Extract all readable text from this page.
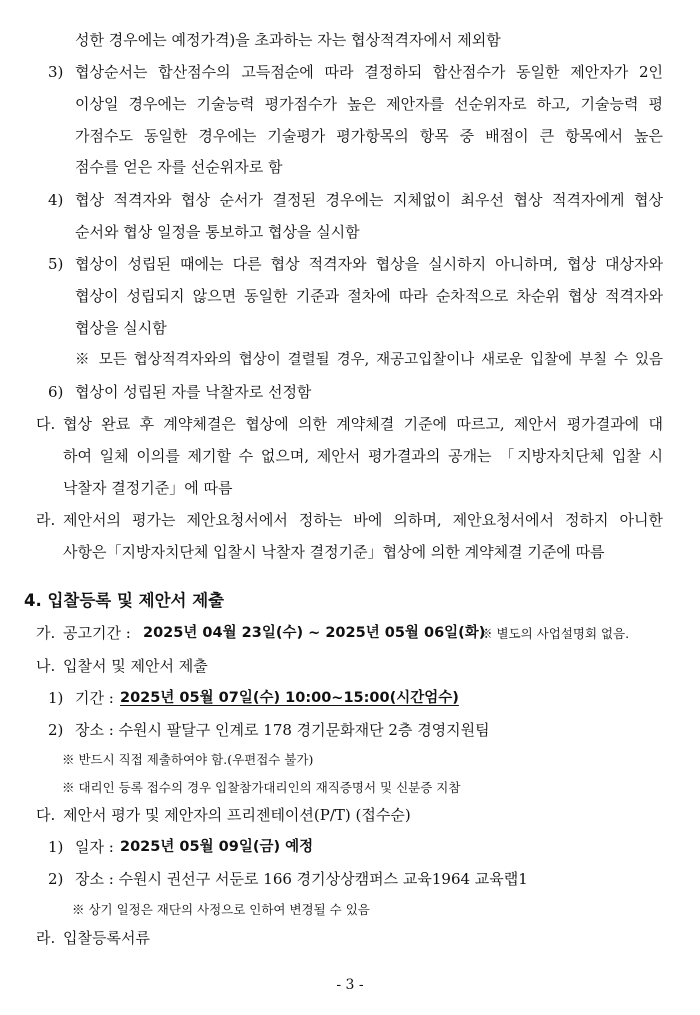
성한 경우에는 예정가격)을 초과하는 자는 협상적격자에서 제외함
3) 협상순서는 합산점수의 고득점순에 따라 결정하되 합산점수가 동일한 제안자가 2인
이상일 경우에는 기술능력 평가점수가 높은 제안자를 선순위자로 하고, 기술능력 평
가점수도 동일한 경우에는 기술평가 평가항목의 항목 중 배점이 큰 항목에서 높은
점수를 얻은 자를 선순위자로 함
4) 협상 적격자와 협상 순서가 결정된 경우에는 지체없이 최우선 협상 적격자에게 협상
순서와 협상 일정을 통보하고 협상을 실시함
5) 협상이 성립된 때에는 다른 협상 적격자와 협상을 실시하지 아니하며, 협상 대상자와
협상이 성립되지 않으면 동일한 기준과 절차에 따라 순차적으로 차순위 협상 적격자와
협상을 실시함
※ 모든 협상적격자와의 협상이 결렬될 경우, 재공고입찰이나 새로운 입찰에 부칠 수 있음
6) 협상이 성립된 자를 낙찰자로 선정함
다. 협상 완료 후 계약체결은 협상에 의한 계약체결 기준에 따르고, 제안서 평가결과에 대
하여 일체 이의를 제기할 수 없으며, 제안서 평가결과의 공개는 「지방자치단체 입찰 시
낙찰자 결정기준」에 따름
라. 제안서의 평가는 제안요청서에서 정하는 바에 의하며, 제안요청서에서 정하지 아니한
사항은「지방자치단체 입찰시 낙찰자 결정기준」협상에 의한 계약체결 기준에 따름
4. 입찰등록 및 제안서 제출
가. 공고기간 : 2025년 04월 23일(수) ~ 2025년 05월 06일(화)
※ 별도의 사업설명회 없음.
나. 입찰서 및 제안서 제출
1) 기간 : 2025년 05월 07일(수) 10:00~15:00(시간엄수)
2) 장소 : 수원시 팔달구 인계로 178 경기문화재단 2층 경영지원팀
※ 반드시 직접 제출하여야 함.(우편접수 불가)
※ 대리인 등록 접수의 경우 입찰참가대리인의 재직증명서 및 신분증 지참
다. 제안서 평가 및 제안자의 프리젠테이션(P/T) (접수순)
1) 일자 : 2025년 05월 09일(금) 예정
2) 장소 : 수원시 권선구 서둔로 166 경기상상캠퍼스 교육1964 교육랩1
※ 상기 일정은 재단의 사정으로 인하여 변경될 수 있음
라. 입찰등록서류
- 3 -
